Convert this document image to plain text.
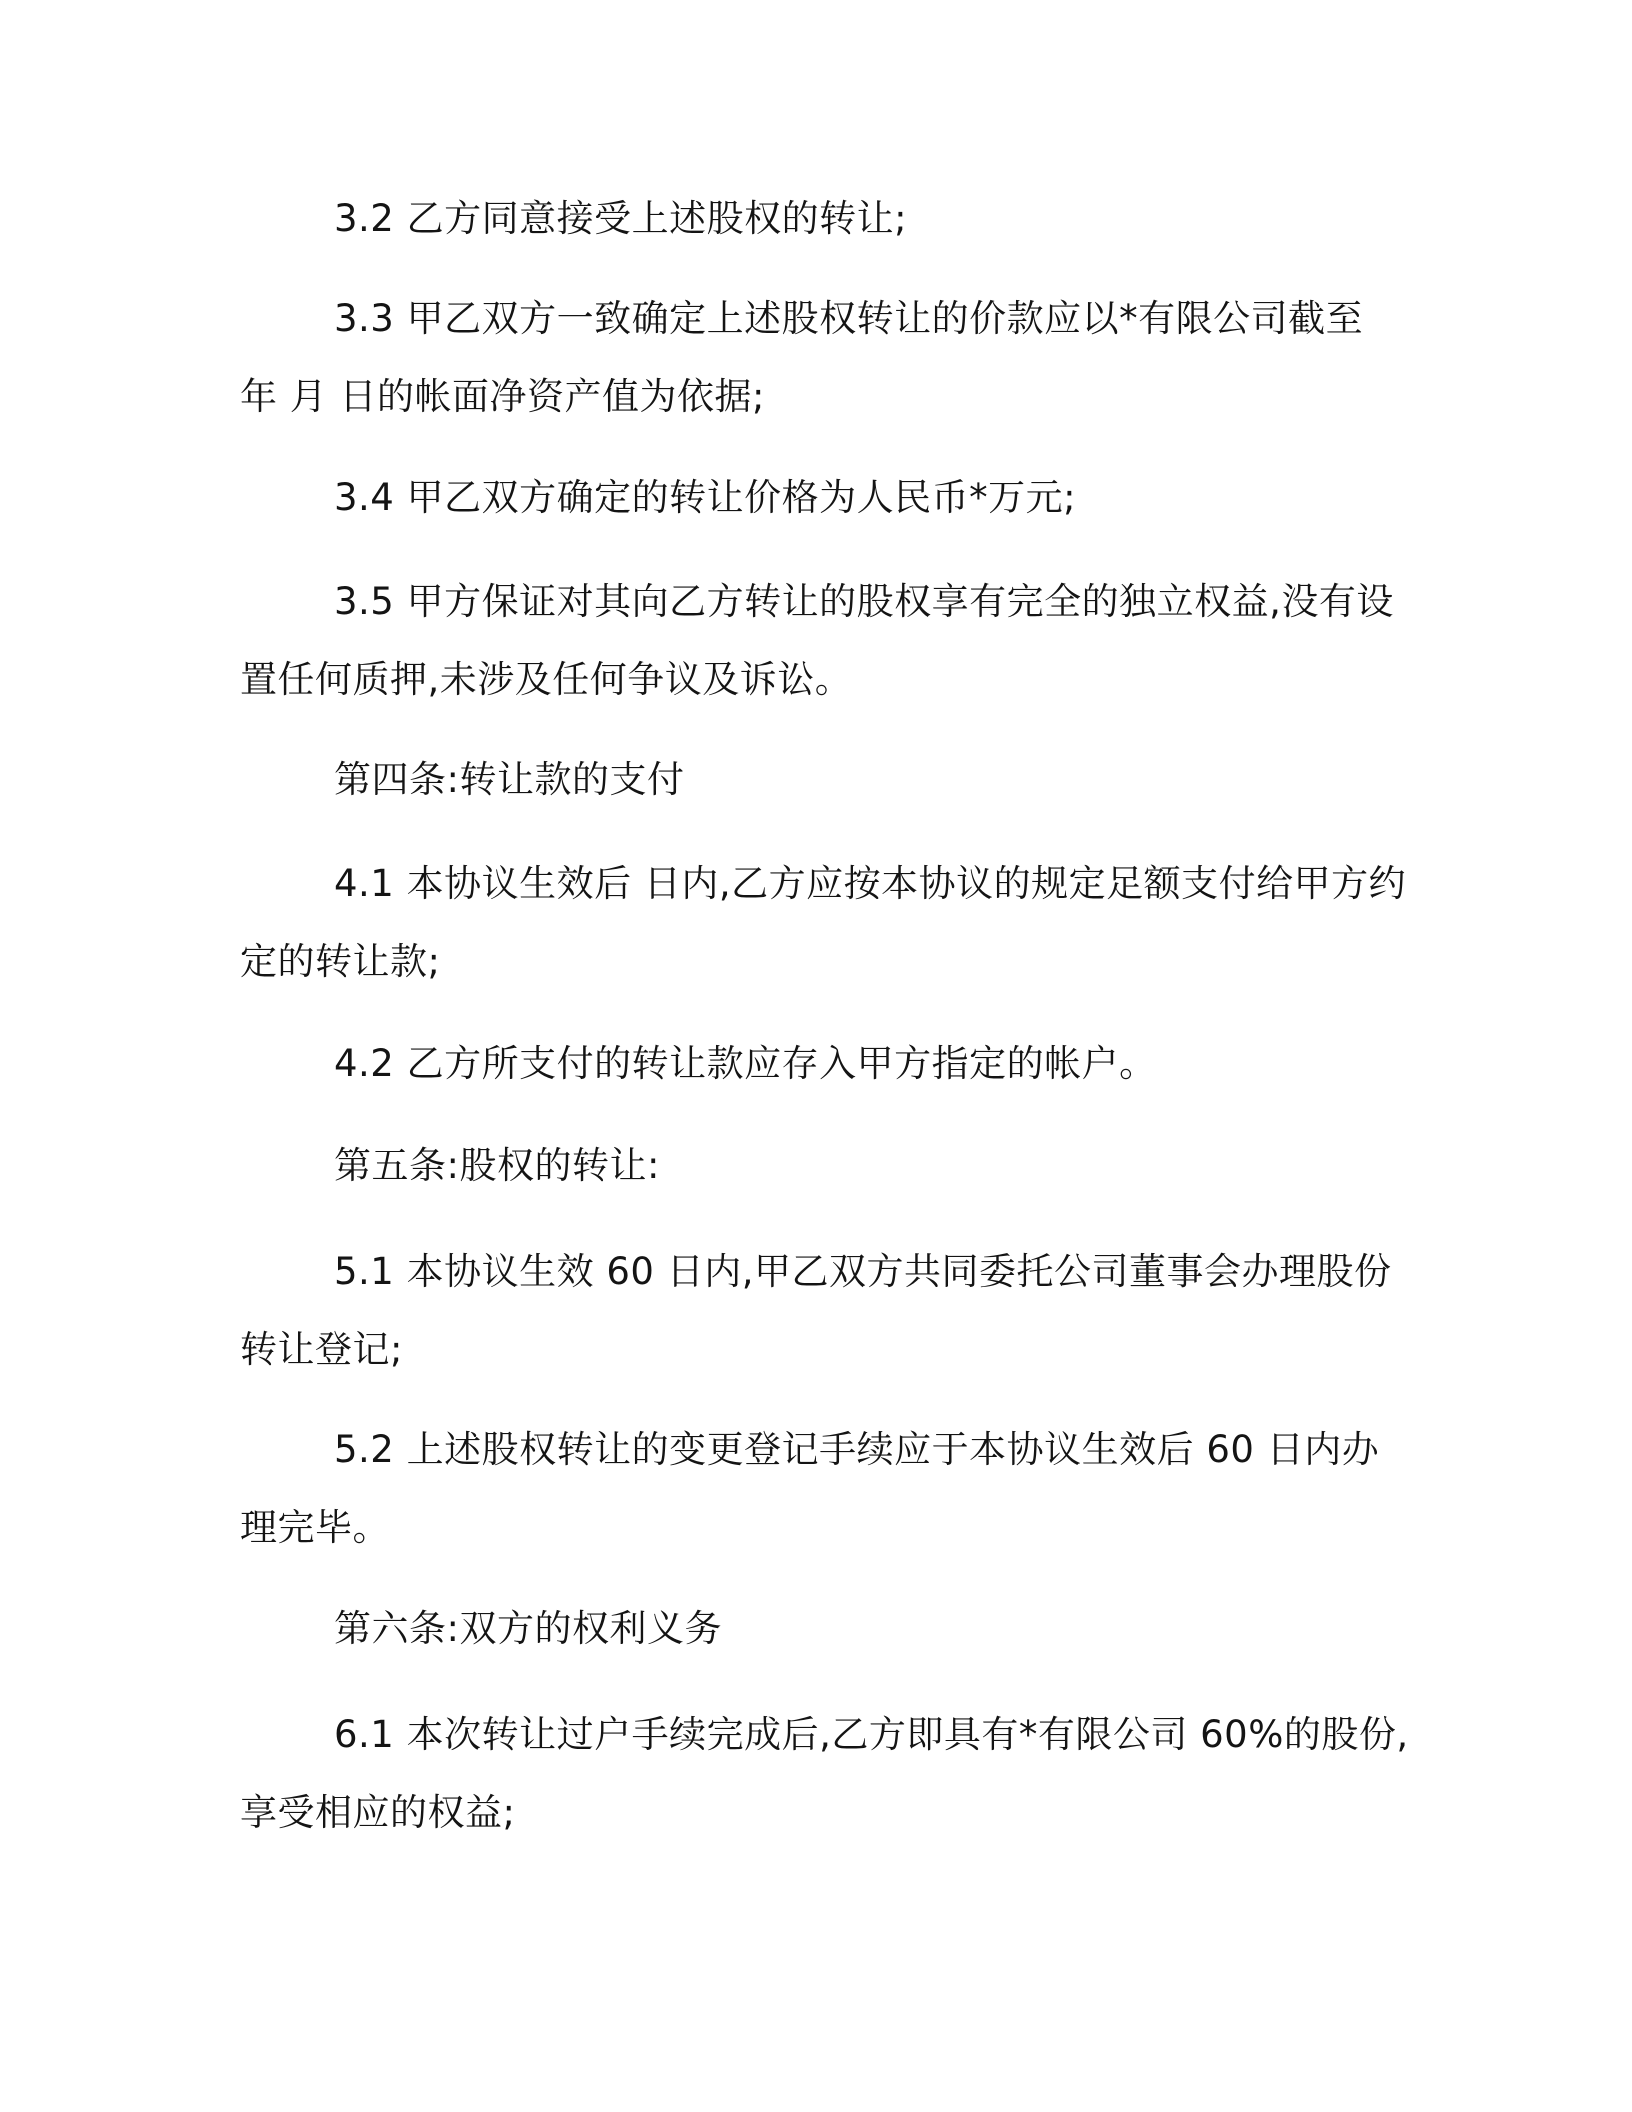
3.2 乙方同意接受上述股权的转让;

3.3 甲乙双方一致确定上述股权转让的价款应以*有限公司截至
年 月 日的帐面净资产值为依据;

3.4 甲乙双方确定的转让价格为人民币*万元;

3.5 甲方保证对其向乙方转让的股权享有完全的独立权益,没有设
置任何质押,未涉及任何争议及诉讼。

第四条:转让款的支付

4.1 本协议生效后 日内,乙方应按本协议的规定足额支付给甲方约
定的转让款;

4.2 乙方所支付的转让款应存入甲方指定的帐户。

第五条:股权的转让:

5.1 本协议生效 60 日内,甲乙双方共同委托公司董事会办理股份
转让登记;

5.2 上述股权转让的变更登记手续应于本协议生效后 60 日内办
理完毕。

第六条:双方的权利义务

6.1 本次转让过户手续完成后,乙方即具有*有限公司 60%的股份,
享受相应的权益;
